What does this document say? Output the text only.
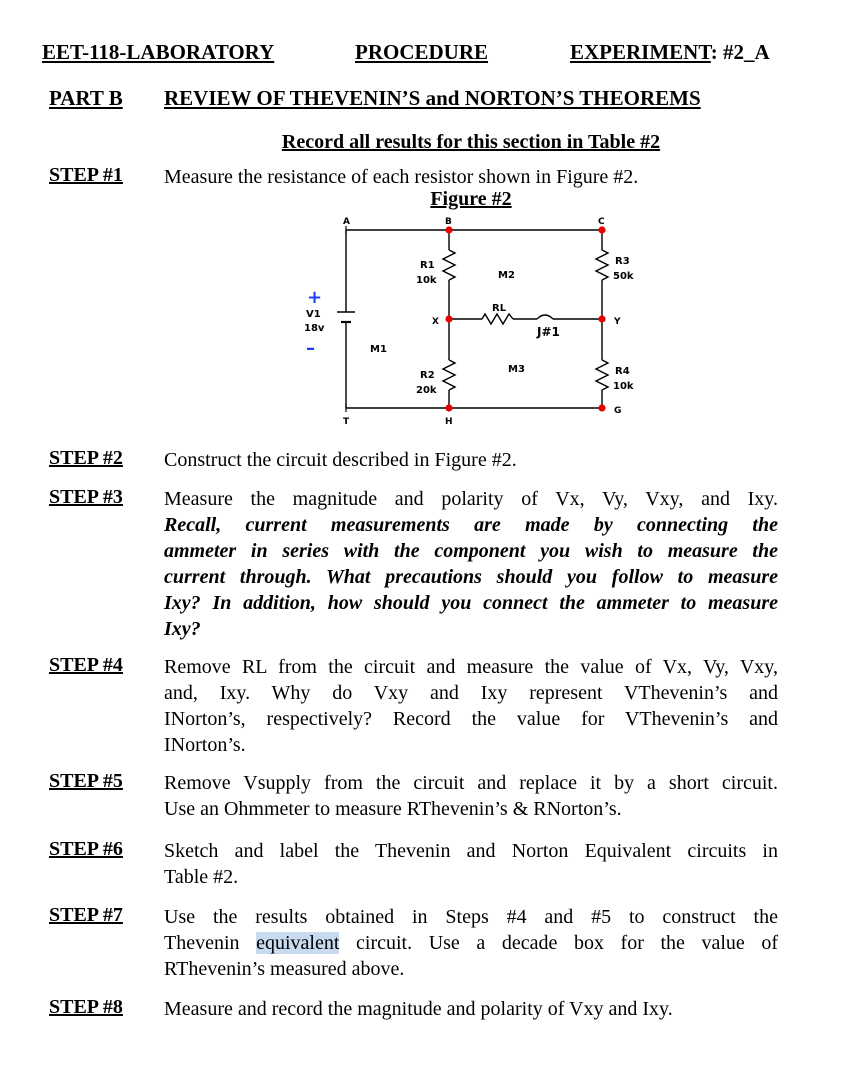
EET-118-LABORATORY	PROCEDURE	EXPERIMENT: #2_A
PART B REVIEW OF THEVENIN’S and NORTON’S THEOREMS
Record all results for this section in Table #2
STEP #1 Measure the resistance of each resistor shown in Figure #2.
Figure #2
A	B	C
T	H
G
X	Y
R1
10k
R2
20k
R3
50k
R4
10k
RL
J#1
M2
M3
M1
V1
18v
+
–
STEP #2 Construct the circuit described in Figure #2.
STEP #3 Measure the magnitude and polarity of Vx, Vy, Vxy, and Ixy.
Recall, current measurements are made by connecting the
ammeter in series with the component you wish to measure the
current through. What precautions should you follow to measure
Ixy? In addition, how should you connect the ammeter to measure
Ixy?
STEP #4 Remove RL from the circuit and measure the value of Vx, Vy, Vxy,
and, Ixy. Why do Vxy and Ixy represent VThevenin’s and
INorton’s, respectively? Record the value for VThevenin’s and
INorton’s.
STEP #5 Remove Vsupply from the circuit and replace it by a short circuit.
Use an Ohmmeter to measure RThevenin’s & RNorton’s.
STEP #6 Sketch and label the Thevenin and Norton Equivalent circuits in
Table #2.
STEP #7 Use the results obtained in Steps #4 and #5 to construct the
Thevenin equivalent circuit. Use a decade box for the value of
RThevenin’s measured above.
STEP #8 Measure and record the magnitude and polarity of Vxy and Ixy.
